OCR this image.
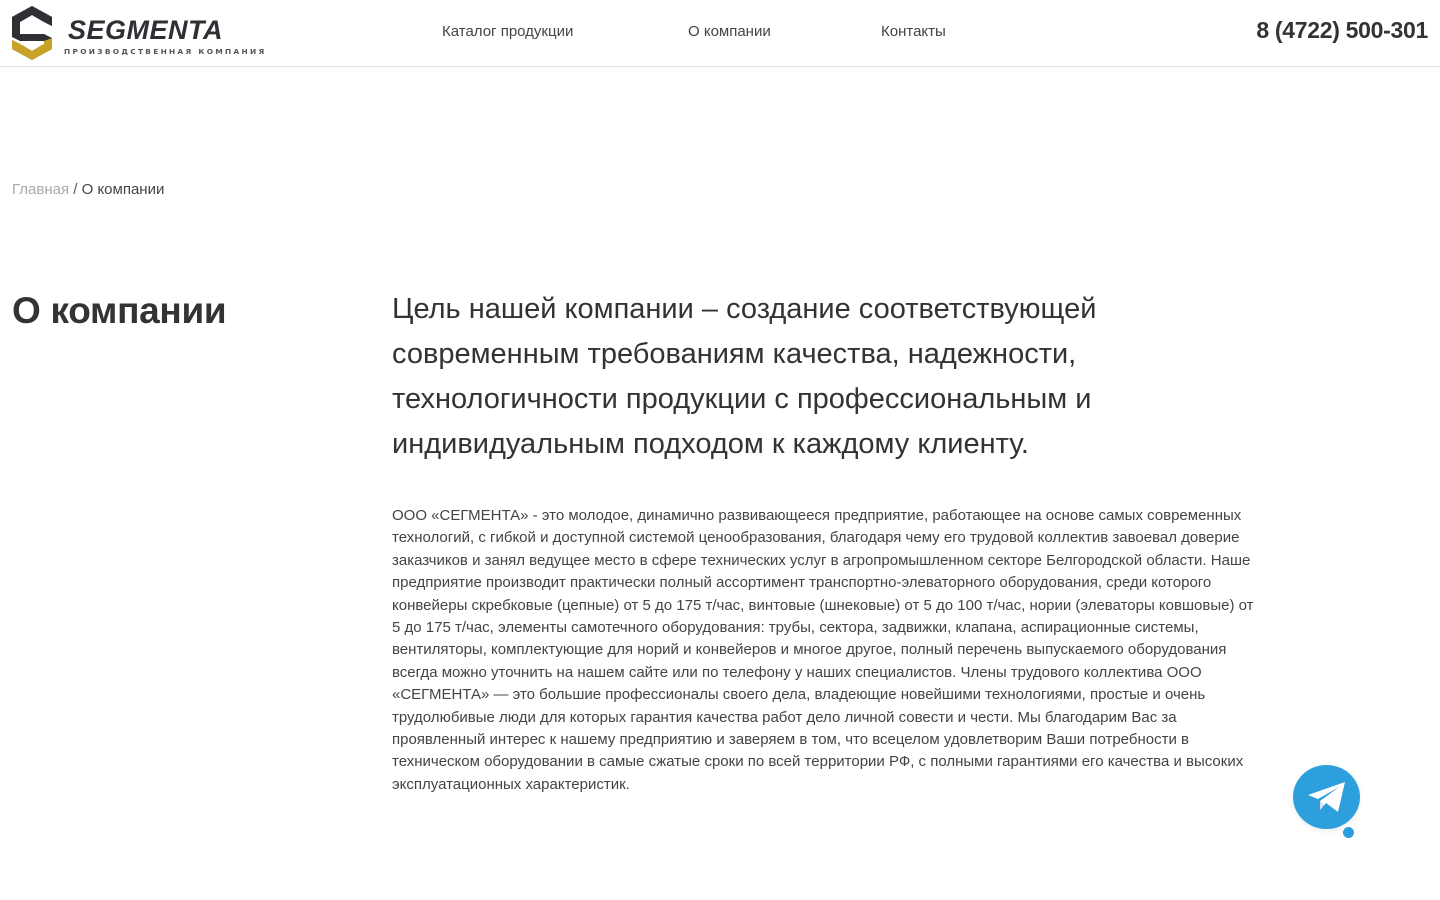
SEGMENTA
ПРОИЗВОДСТВЕННАЯ КОМПАНИЯ
Каталог продукции	О компании	Контакты	8 (4722) 500-301
Главная / О компании
О компании	Цель нашей компании – создание соответствующей современным требованиям качества, надежности, технологичности продукции с профессиональным и индивидуальным подходом к каждому клиенту.

ООО «СЕГМЕНТА» - это молодое, динамично развивающееся предприятие, работающее на основе самых современных технологий, с гибкой и доступной системой ценообразования, благодаря чему его трудовой коллектив завоевал доверие заказчиков и занял ведущее место в сфере технических услуг в агропромышленном секторе Белгородской области. Наше предприятие производит практически полный ассортимент транспортно-элеваторного оборудования, среди которого конвейеры скребковые (цепные) от 5 до 175 т/час, винтовые (шнековые) от 5 до 100 т/час, нории (элеваторы ковшовые) от 5 до 175 т/час, элементы самотечного оборудования: трубы, сектора, задвижки, клапана, аспирационные системы, вентиляторы, комплектующие для норий и конвейеров и многое другое, полный перечень выпускаемого оборудования всегда можно уточнить на нашем сайте или по телефону у наших специалистов. Члены трудового коллектива ООО «СЕГМЕНТА» — это большие профессионалы своего дела, владеющие новейшими технологиями, простые и очень трудолюбивые люди для которых гарантия качества работ дело личной совести и чести. Мы благодарим Вас за проявленный интерес к нашему предприятию и заверяем в том, что всецелом удовлетворим Ваши потребности в техническом оборудовании в самые сжатые сроки по всей территории РФ, с полными гарантиями его качества и высоких эксплуатационных характеристик.
